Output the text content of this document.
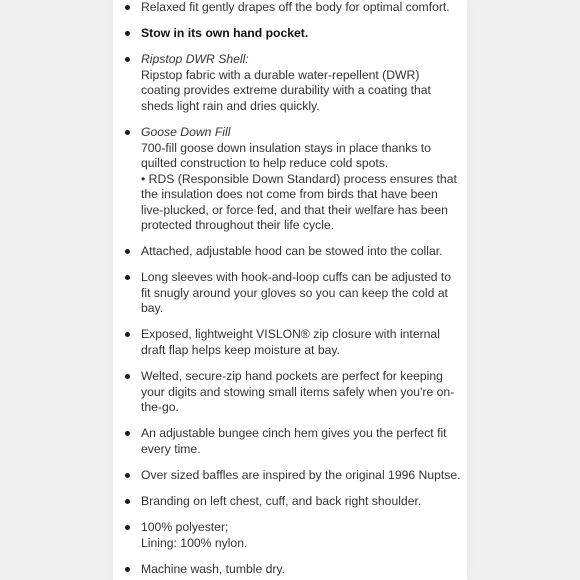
Relaxed fit gently drapes off the body for optimal comfort.
Stow in its own hand pocket.
Ripstop DWR Shell:
Ripstop fabric with a durable water-repellent (DWR)
coating provides extreme durability with a coating that
sheds light rain and dries quickly.
Goose Down Fill
700-fill goose down insulation stays in place thanks to
quilted construction to help reduce cold spots.
• RDS (Responsible Down Standard) process ensures that
the insulation does not come from birds that have been
live-plucked, or force fed, and that their welfare has been
protected throughout their life cycle.
Attached, adjustable hood can be stowed into the collar.
Long sleeves with hook-and-loop cuffs can be adjusted to
fit snugly around your gloves so you can keep the cold at
bay.
Exposed, lightweight VISLON® zip closure with internal
draft flap helps keep moisture at bay.
Welted, secure-zip hand pockets are perfect for keeping
your digits and stowing small items safely when you're on-
the-go.
An adjustable bungee cinch hem gives you the perfect fit
every time.
Over sized baffles are inspired by the original 1996 Nuptse.
Branding on left chest, cuff, and back right shoulder.
100% polyester;
Lining: 100% nylon.
Machine wash, tumble dry.
